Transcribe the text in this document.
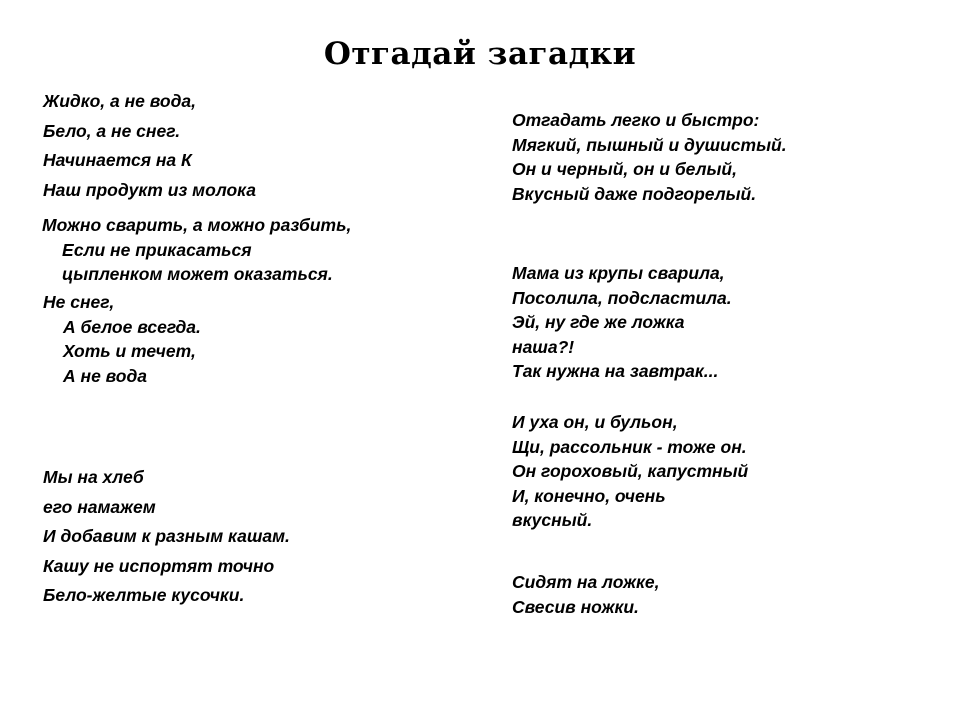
Отгадай загадки
Жидко, а не вода,
Бело, а не снег.
Начинается на К
Наш продукт из молока
Можно сварить, а можно разбить,
Если не прикасаться
цыпленком может оказаться.
Не снег,
А белое всегда.
Хоть и течет,
А не вода
Мы на хлеб
его намажем
И добавим к разным кашам.
Кашу не испортят точно
Бело-желтые кусочки.
Отгадать легко и быстро:
Мягкий, пышный и душистый.
Он и черный, он и белый,
Вкусный даже подгорелый.
Мама из крупы сварила,
Посолила, подсластила.
Эй, ну где же ложка
наша?!
Так нужна на завтрак...
И уха он, и бульон,
Щи, рассольник - тоже он.
Он гороховый, капустный
И, конечно, очень
вкусный.
Сидят на ложке,
Свесив ножки.
